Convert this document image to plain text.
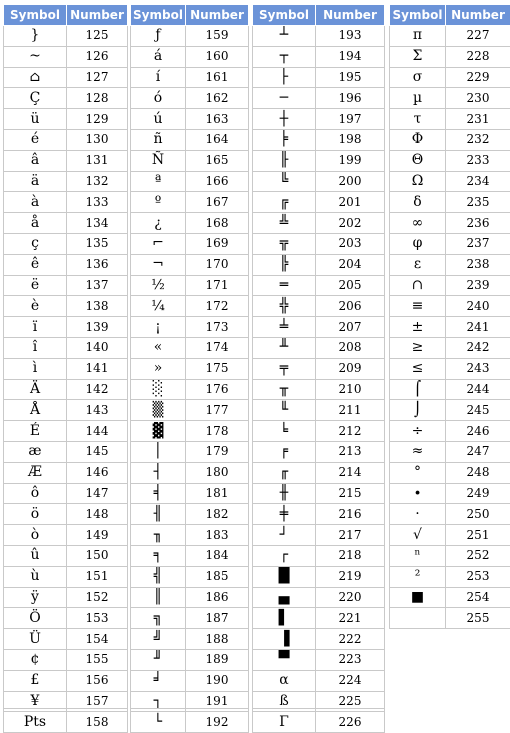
Symbol	Number
}	125
~	126
⌂	127
Ç	128
ü	129
é	130
â	131
ä	132
à	133
å	134
ç	135
ê	136
ë	137
è	138
ï	139
î	140
ì	141
Ä	142
Å	143
É	144
æ	145
Æ	146
ô	147
ö	148
ò	149
û	150
ù	151
ÿ	152
Ö	153
Ü	154
¢	155
£	156
¥	157
Pts	158
Symbol	Number
ƒ	159
á	160
í	161
ó	162
ú	163
ñ	164
Ñ	165
ª	166
º	167
¿	168
⌐	169
¬	170
½	171
¼	172
¡	173
«	174
»	175
░	176
▒	177
▓	178
│	179
┤	180
╡	181
╢	182
╖	183
╕	184
╣	185
║	186
╗	187
╝	188
╜	189
╛	190
┐	191
└	192
Symbol	Number
┴	193
┬	194
├	195
─	196
┼	197
╞	198
╟	199
╚	200
╔	201
╩	202
╦	203
╠	204
═	205
╬	206
╧	207
╨	208
╤	209
╥	210
╙	211
╘	212
╒	213
╓	214
╫	215
╪	216
┘	217
┌	218
█	219
▄	220
▌	221
▐	222
▀	223
α	224
ß	225
Γ	226
Symbol	Number
π	227
Σ	228
σ	229
µ	230
τ	231
Φ	232
Θ	233
Ω	234
δ	235
∞	236
φ	237
ε	238
∩	239
≡	240
±	241
≥	242
≤	243
⌠	244
⌡	245
÷	246
≈	247
°	248
∙	249
·	250
√	251
ⁿ	252
²	253
■	254
	255
